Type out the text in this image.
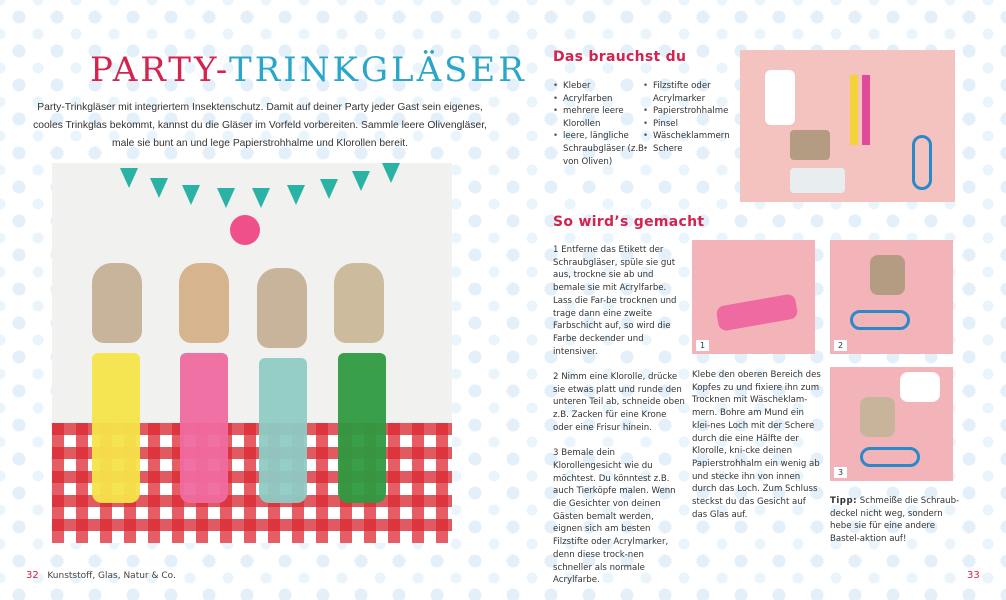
PARTY-TRINKGLÄSER
Party-Trinkgläser mit integriertem Insektenschutz. Damit auf deiner Party jeder Gast sein eigenes, cooles Trinkglas bekommt, kannst du die Gläser im Vorfeld vorbereiten. Sammle leere Olivengläser, male sie bunt an und lege Papierstrohhalme und Klorollen bereit.
Das brauchst du
• Kleber
• Acrylfarben
• mehrere leere Klorollen
• leere, längliche Schraubgläser (z.B. von Oliven)
• Filzstifte oder Acrylmarker
• Papierstrohhalme
• Pinsel
• Wäscheklammern
• Schere
So wird’s gemacht

1 Entferne das Etikett der Schraubgläser, spüle sie gut aus, trockne sie ab und bemale sie mit Acrylfarbe. Lass die Far-be trocknen und trage dann eine zweite Farbschicht auf, so wird die Farbe deckender und intensiver.

2 Nimm eine Klorolle, drücke sie etwas platt und runde den unteren Teil ab, schneide oben z.B. Zacken für eine Krone oder eine Frisur hinein.

3 Bemale dein Klorollengesicht wie du möchtest. Du könntest z.B. auch Tierköpfe malen. Wenn die Gesichter von deinen Gästen bemalt werden, eignen sich am besten Filzstifte oder Acrylmarker, denn diese trock-nen schneller als normale Acrylfarbe.

Klebe den oberen Bereich des Kopfes zu und fixiere ihn zum Trocknen mit Wäscheklam-mern. Bohre am Mund ein klei-nes Loch mit der Schere durch die eine Hälfte der Klorolle, kni-cke deinen Papierstrohhalm ein wenig ab und stecke ihn von innen durch das Loch. Zum Schluss steckst du das Gesicht auf das Glas auf.
1	2
3
Tipp: Schmeiße die Schraub-deckel nicht weg, sondern hebe sie für eine andere Bastel-aktion auf!
32 Kunststoff, Glas, Natur & Co.	33
